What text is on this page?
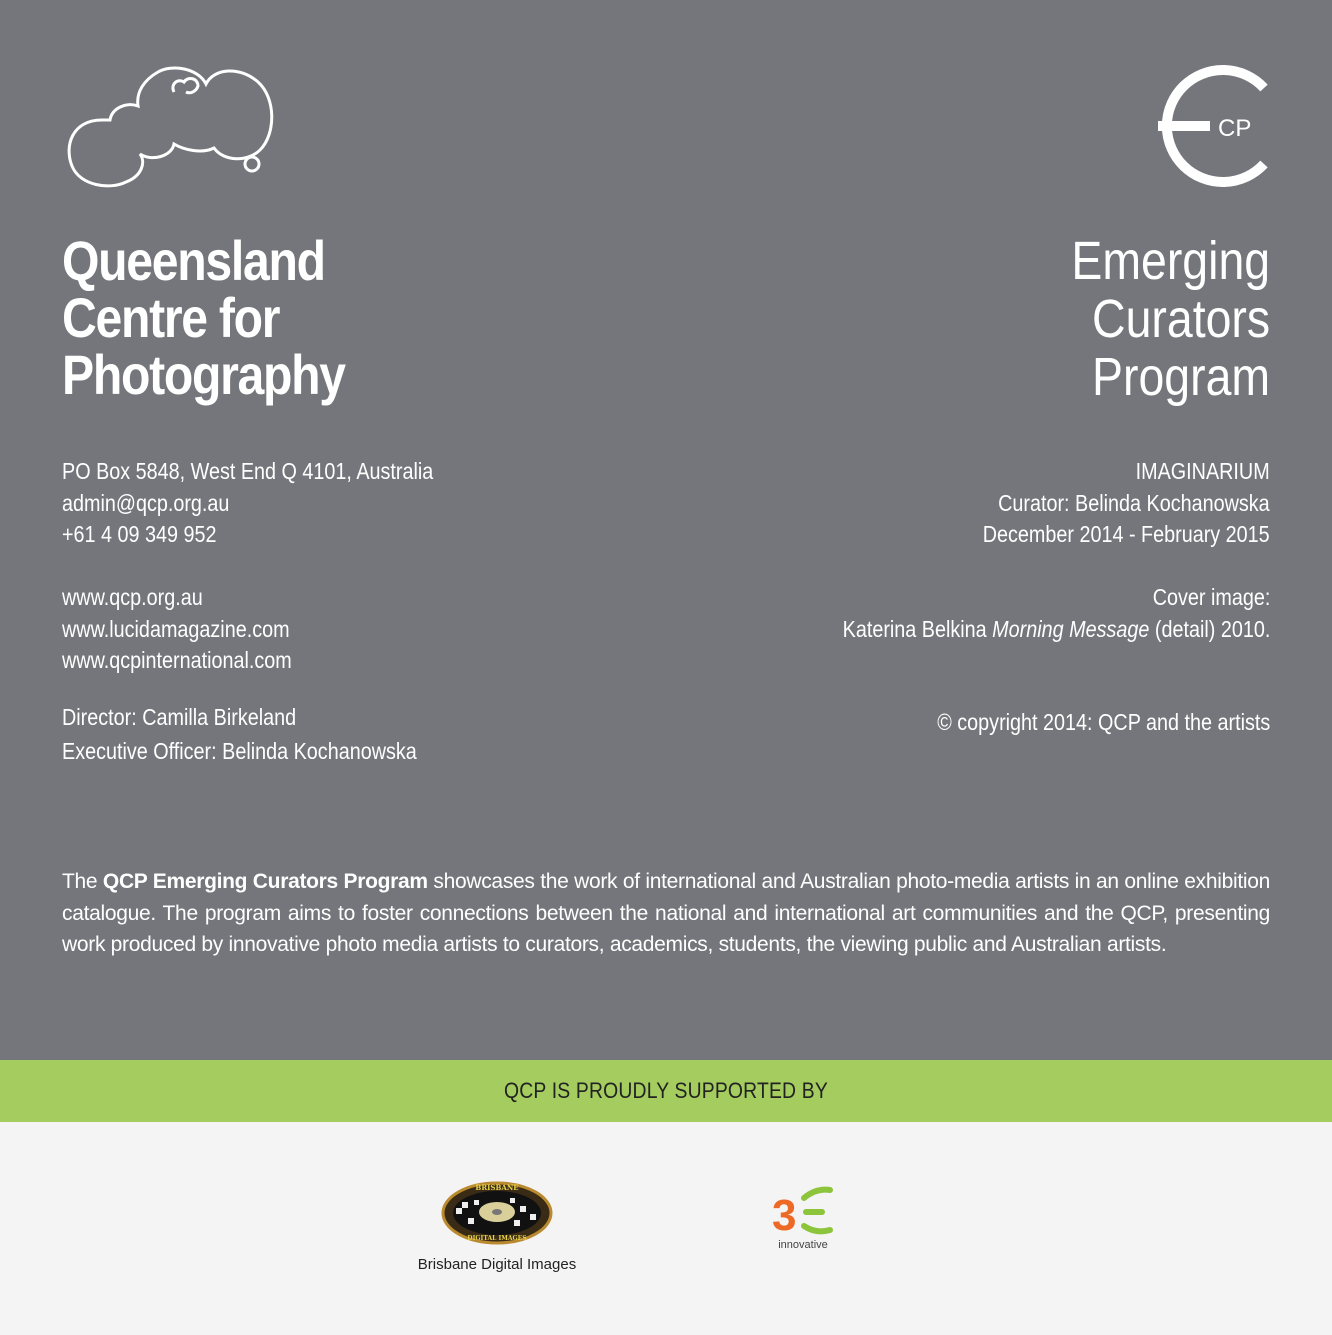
Queensland
Centre for
Photography
CP
Emerging
Curators
Program
PO Box 5848, West End Q 4101, Australia
admin@qcp.org.au
+61 4 09 349 952
www.qcp.org.au
www.lucidamagazine.com
www.qcpinternational.com
Director: Camilla Birkeland
Executive Officer: Belinda Kochanowska
IMAGINARIUM
Curator: Belinda Kochanowska
December 2014 - February 2015
Cover image:
Katerina Belkina Morning Message (detail) 2010.
© copyright 2014: QCP and the artists
The QCP Emerging Curators Program showcases the work of international and Australian photo-media artists in an online exhibition catalogue. The program aims to foster connections between the national and international art communities and the QCP, presenting work produced by innovative photo media artists to curators, academics, students, the viewing public and Australian artists.
QCP IS PROUDLY SUPPORTED BY
BRISBANE
DIGITAL IMAGES
Brisbane Digital Images
3
innovative
